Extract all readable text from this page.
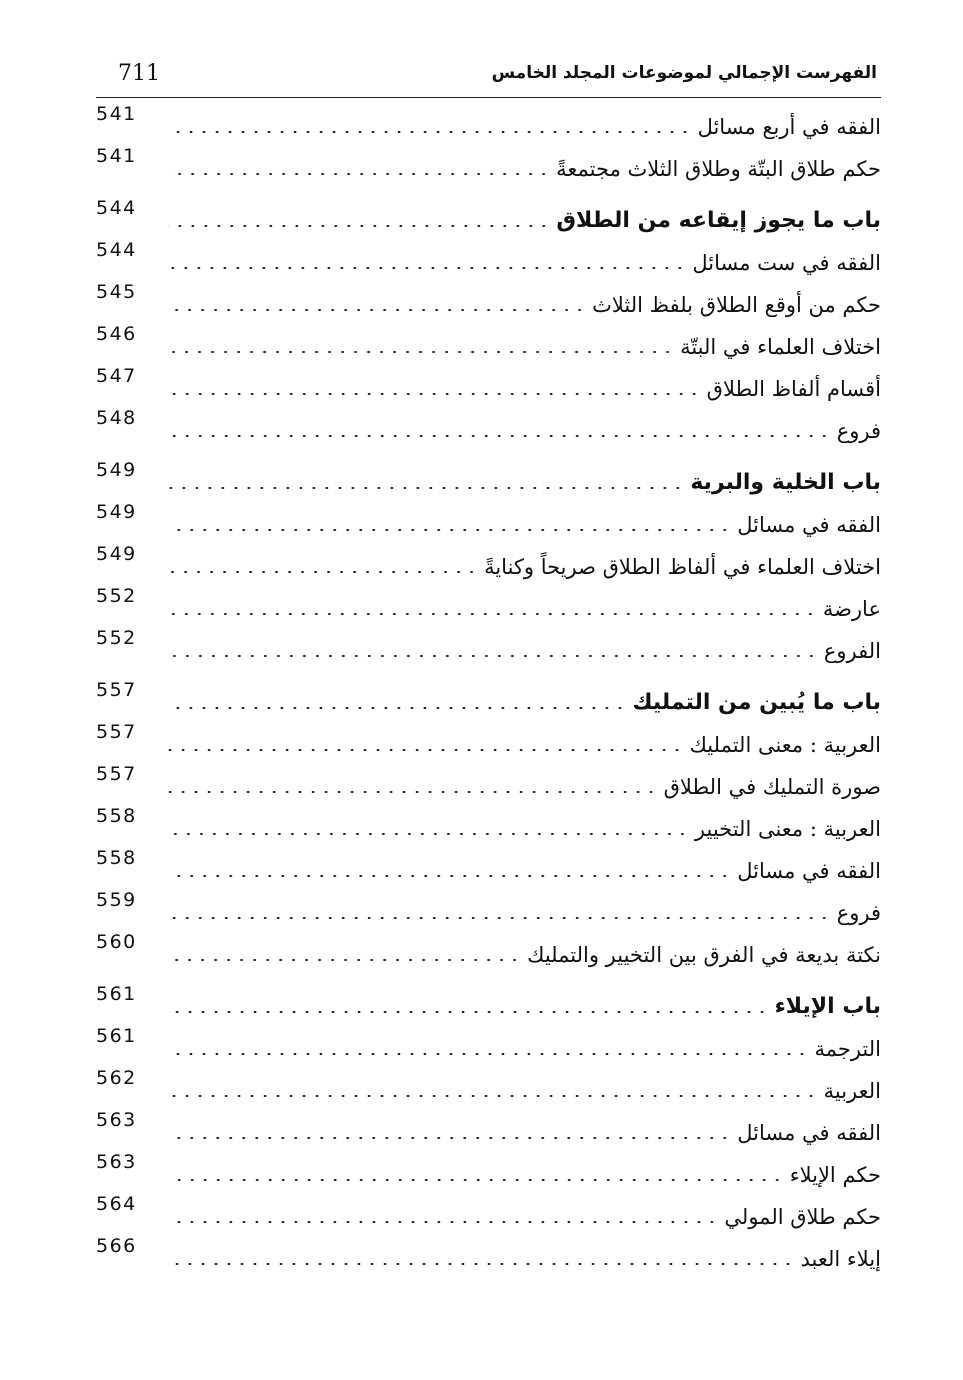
الفهرست الإجمالي لموضوعات المجلد الخامس
711
الفقه في أربع مسائل
541
حكم طلاق البتّة وطلاق الثلاث مجتمعةً
541
باب ما يجوز إيقاعه من الطلاق
544
الفقه في ست مسائل
544
حكم من أوقع الطلاق بلفظ الثلاث
545
اختلاف العلماء في البتّة
546
أقسام ألفاظ الطلاق
547
فروع
548
باب الخلية والبرية
549
الفقه في مسائل
549
اختلاف العلماء في ألفاظ الطلاق صريحاً وكنايةً
549
عارضة
552
الفروع
552
باب ما يُبين من التمليك
557
العربية : معنى التمليك
557
صورة التمليك في الطلاق
557
العربية : معنى التخيير
558
الفقه في مسائل
558
فروع
559
نكتة بديعة في الفرق بين التخيير والتمليك
560
باب الإيلاء
561
الترجمة
561
العربية
562
الفقه في مسائل
563
حكم الإيلاء
563
حكم طلاق المولي
564
إيلاء العبد
566
